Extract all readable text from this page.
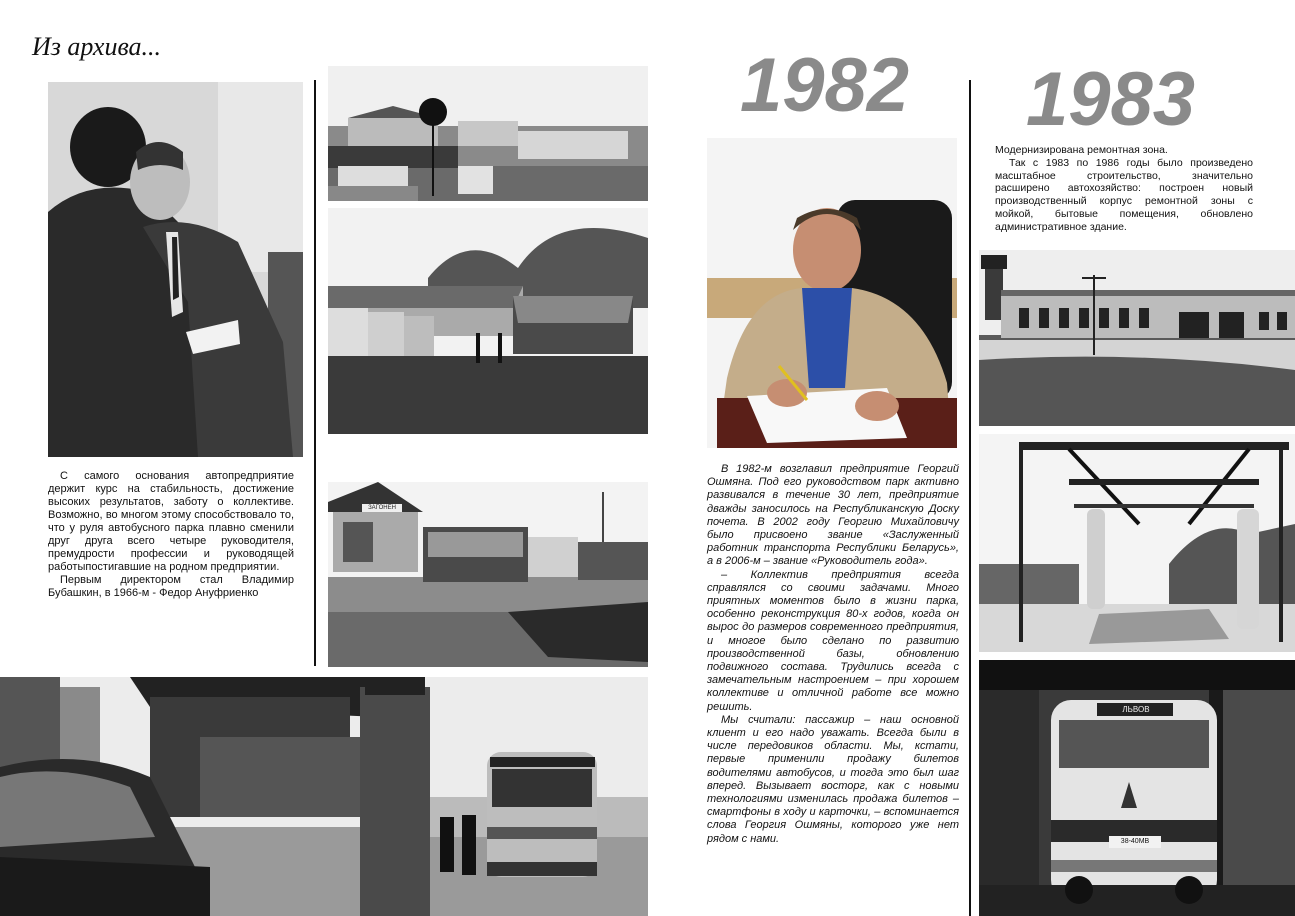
Из архива...	1982 1983

С самого основания автопредприятие держит курс на стабильность, достижение высоких результатов, заботу о коллективе. Возможно, во многом этому способствовало то, что у руля автобусного парка плавно сменили друг друга всего четыре руководителя, премудрости профессии и руководящей работыпостигавшие на родном предприятии.

Первым директором стал Владимир Бубашкин, в 1966-м - Федор Ануфриенко

В 1982-м возглавил предприятие Георгий Ошмяна. Под его руководством парк активно развивался в течение 30 лет, предприятие дважды заносилось на Республиканскую Доску почета. В 2002 году Георгию Михайловичу было присвоено звание «Заслуженный работник транспорта Республики Беларусь», а в 2006-м – звание «Руководитель года».

– Коллектив предприятия всегда справлялся со своими задачами. Много приятных моментов было в жизни парка, особенно реконструкция 80-х годов, когда он вырос до размеров современного предприятия, и многое было сделано по развитию производственной базы, обновлению подвижного состава. Трудились всегда с замечательным настроением – при хорошем коллективе и отличной работе все можно решить.

Мы считали: пассажир – наш основной клиент и его надо уважать. Всегда были в числе передовиков области. Мы, кстати, первые применили продажу билетов водителями автобусов, и тогда это был шаг вперед. Вызывает восторг, как с новыми технологиями изменилась продажа билетов – смартфоны в ходу и карточки, – вспоминается слова Георгия Ошмяны, которого уже нет рядом с нами.

Модернизирована ремонтная зона.

Так с 1983 по 1986 годы было произведено масштабное строительство, значительно расширено автохозяйство: построен новый производственный корпус ремонтной зоны с мойкой, бытовые помещения, обновлено административное здание.

ЛЬВОВ
38-40МВ
ЗАГОНЕН
